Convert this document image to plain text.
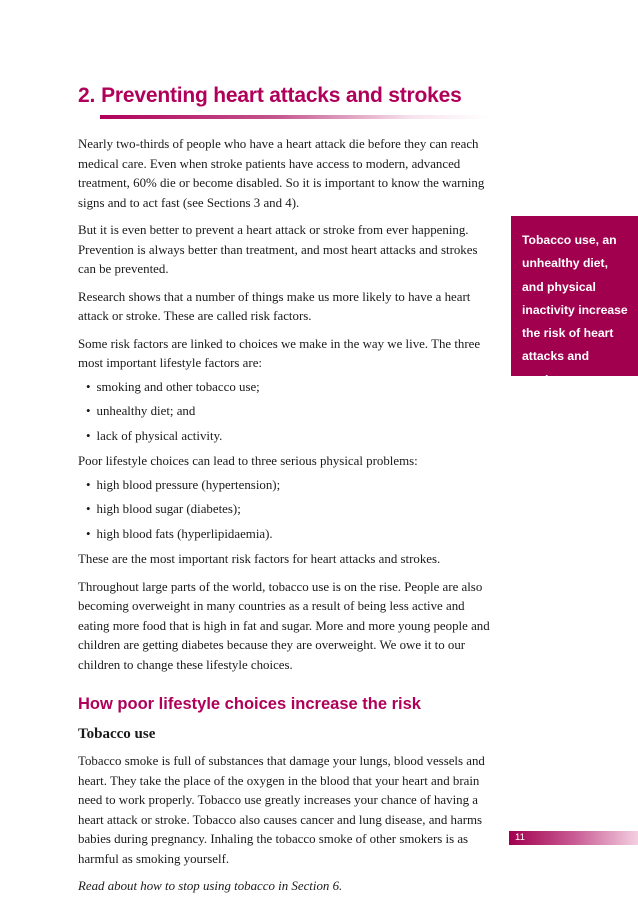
2. Preventing heart attacks and strokes

Nearly two-thirds of people who have a heart attack die before they can reach medical care. Even when stroke patients have access to modern, advanced treatment, 60% die or become disabled. So it is important to know the warning signs and to act fast (see Sections 3 and 4).

But it is even better to prevent a heart attack or stroke from ever happening. Prevention is always better than treatment, and most heart attacks and strokes can be prevented.

Research shows that a number of things make us more likely to have a heart attack or stroke. These are called risk factors.

Some risk factors are linked to choices we make in the way we live. The three most important lifestyle factors are:

• smoking and other tobacco use;
• unhealthy diet; and
• lack of physical activity.

Poor lifestyle choices can lead to three serious physical problems:

• high blood pressure (hypertension);
• high blood sugar (diabetes);
• high blood fats (hyperlipidaemia).

These are the most important risk factors for heart attacks and strokes.

Throughout large parts of the world, tobacco use is on the rise. People are also becoming overweight in many countries as a result of being less active and eating more food that is high in fat and sugar. More and more young people and children are getting diabetes because they are overweight. We owe it to our children to change these lifestyle choices.

How poor lifestyle choices increase the risk
Tobacco use

Tobacco smoke is full of substances that damage your lungs, blood vessels and heart. They take the place of the oxygen in the blood that your heart and brain need to work properly. Tobacco use greatly increases your chance of having a heart attack or stroke. Tobacco also causes cancer and lung disease, and harms babies during pregnancy. Inhaling the tobacco smoke of other smokers is as harmful as smoking yourself.

Read about how to stop using tobacco in Section 6.

Tobacco use, an unhealthy diet, and physical inactivity increase the risk of heart attacks and strokes.

11
